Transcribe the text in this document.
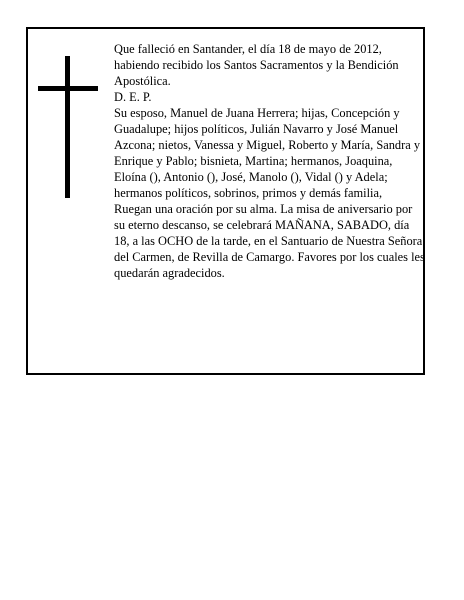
Que falleció en Santander, el día 18 de mayo de 2012, habiendo recibido los Santos Sacramentos y la Bendición Apostólica.

D. E. P.

Su esposo, Manuel de Juana Herrera; hijas, Concepción y Guadalupe; hijos políticos, Julián Navarro y José Manuel Azcona; nietos, Vanessa y Miguel, Roberto y María, Sandra y Enrique y Pablo; bisnieta, Martina; hermanos, Joaquina, Eloína (), Antonio (), José, Manolo (), Vidal () y Adela; hermanos políticos, sobrinos, primos y demás familia,

Ruegan una oración por su alma. La misa de aniversario por su eterno descanso, se celebrará MAÑANA, SABADO, día 18, a las OCHO de la tarde, en el Santuario de Nuestra Señora del Carmen, de Revilla de Camargo. Favores por los cuales les quedarán agradecidos.
